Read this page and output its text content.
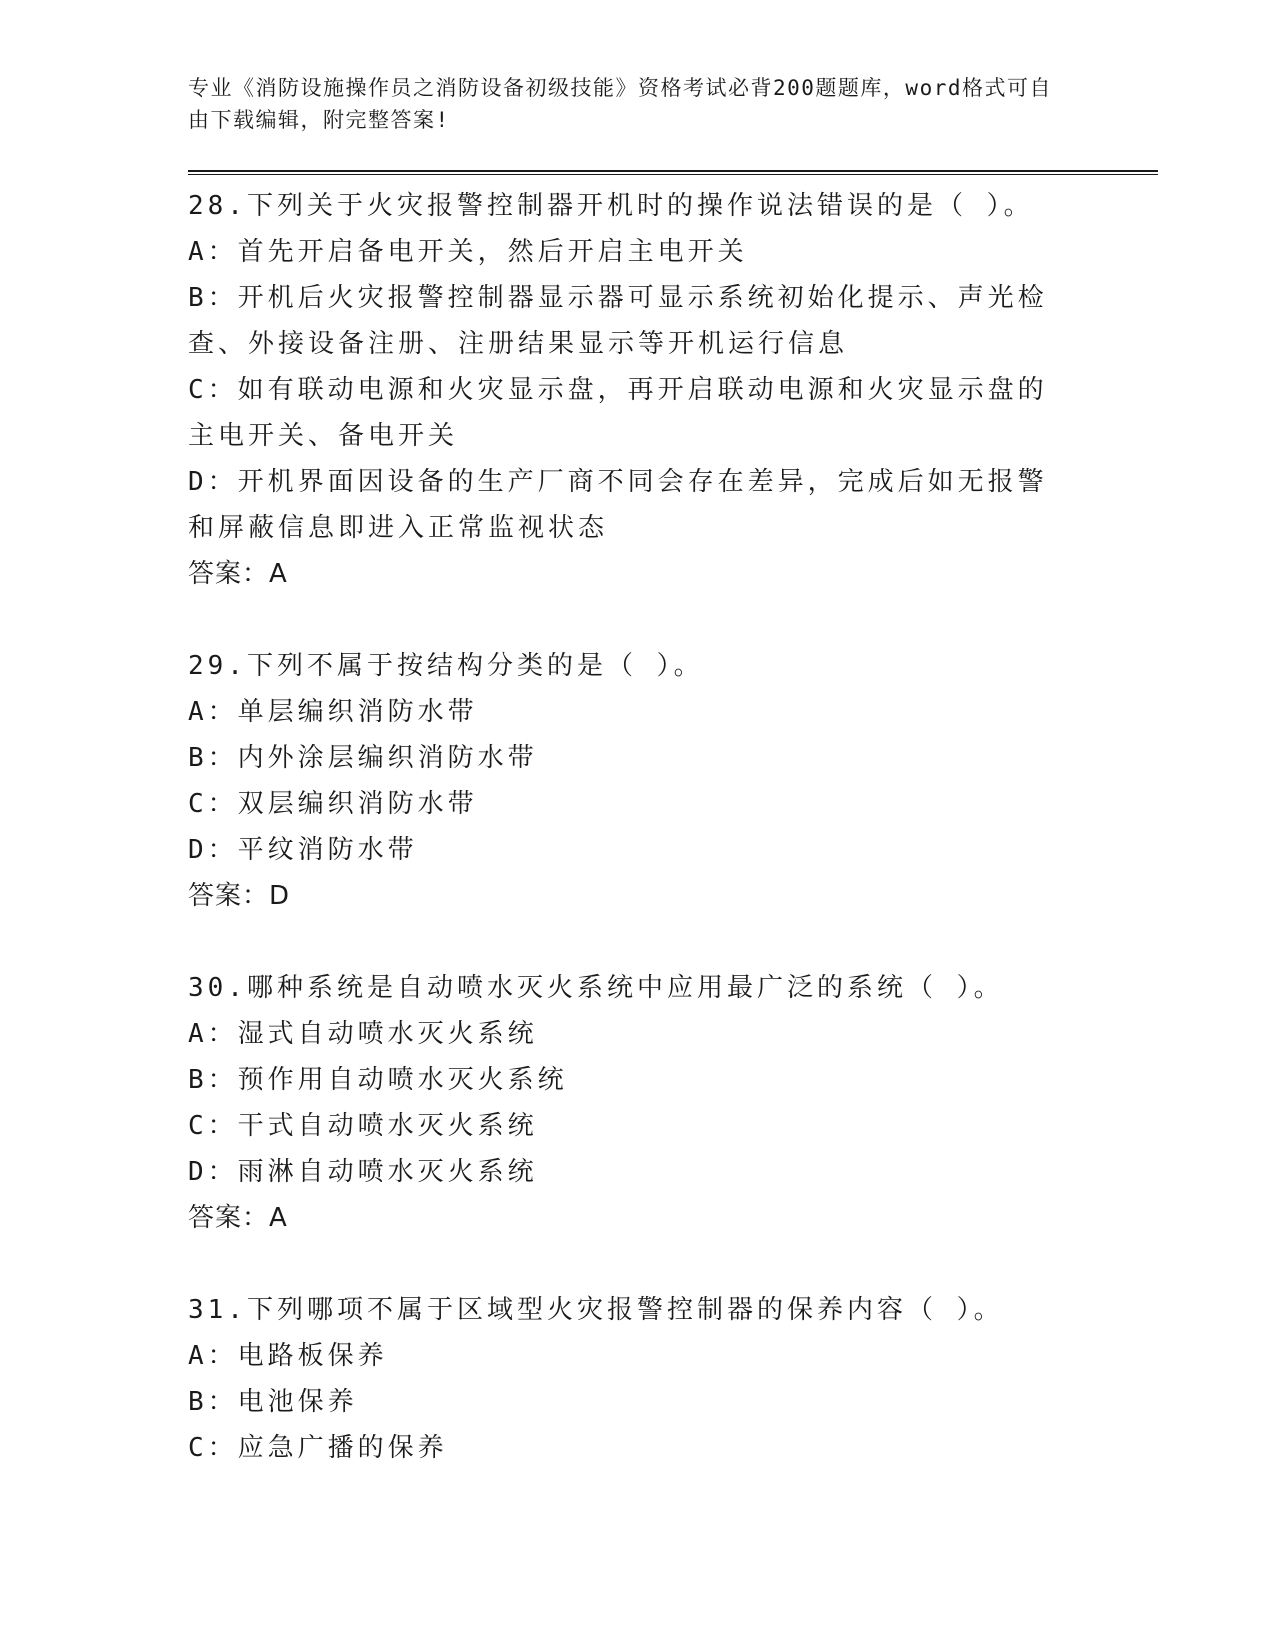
专业《消防设施操作员之消防设备初级技能》资格考试必背200题题库，word格式可自由下载编辑，附完整答案!

28.下列关于火灾报警控制器开机时的操作说法错误的是（ ）。

A：首先开启备电开关，然后开启主电开关

B：开机后火灾报警控制器显示器可显示系统初始化提示、声光检查、外接设备注册、注册结果显示等开机运行信息

C：如有联动电源和火灾显示盘，再开启联动电源和火灾显示盘的主电开关、备电开关

D：开机界面因设备的生产厂商不同会存在差异，完成后如无报警和屏蔽信息即进入正常监视状态

答案：A

29.下列不属于按结构分类的是（ ）。

A：单层编织消防水带

B：内外涂层编织消防水带

C：双层编织消防水带

D：平纹消防水带

答案：D

30.哪种系统是自动喷水灭火系统中应用最广泛的系统（ ）。

A：湿式自动喷水灭火系统

B：预作用自动喷水灭火系统

C：干式自动喷水灭火系统

D：雨淋自动喷水灭火系统

答案：A

31.下列哪项不属于区域型火灾报警控制器的保养内容（ ）。

A：电路板保养

B：电池保养

C：应急广播的保养
